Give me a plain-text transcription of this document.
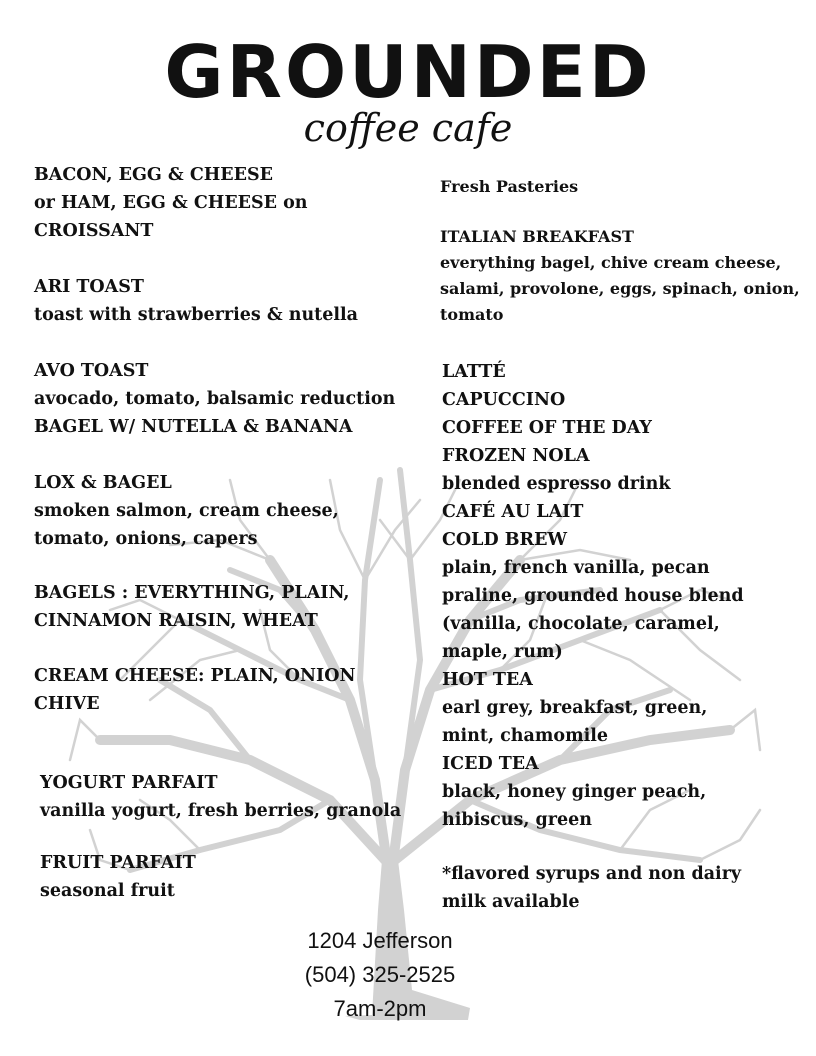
GROUNDED
coffee cafe
BACON, EGG & CHEESE
or HAM, EGG & CHEESE on
CROISSANT
ARI TOAST
toast with strawberries & nutella
AVO TOAST
avocado, tomato, balsamic reduction
BAGEL W/ NUTELLA & BANANA
LOX & BAGEL
smoken salmon, cream cheese,
tomato, onions, capers
BAGELS : EVERYTHING, PLAIN,
CINNAMON RAISIN, WHEAT
CREAM CHEESE: PLAIN, ONION
CHIVE
YOGURT PARFAIT
vanilla yogurt, fresh berries, granola
FRUIT PARFAIT
seasonal fruit
Fresh Pasteries
ITALIAN BREAKFAST
everything bagel, chive cream cheese,
salami, provolone, eggs, spinach, onion,
tomato
LATTÉ
CAPUCCINO
COFFEE OF THE DAY
FROZEN NOLA
blended espresso drink
CAFÉ AU LAIT
COLD BREW
plain, french vanilla, pecan
praline, grounded house blend
(vanilla, chocolate, caramel,
maple, rum)
HOT TEA
earl grey, breakfast, green,
mint, chamomile
ICED TEA
black, honey ginger peach,
hibiscus, green
*flavored syrups and non dairy
milk available
1204 Jefferson
(504) 325-2525
7am-2pm
